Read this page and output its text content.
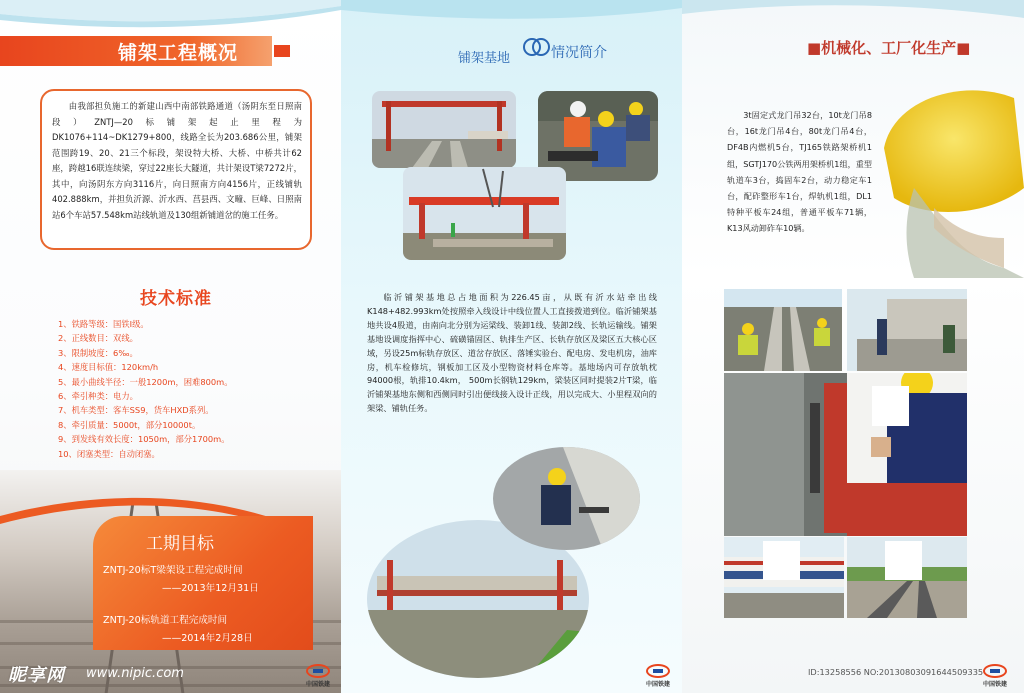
铺架工程概况

由我部担负施工的新建山西中南部铁路通道（汤阴东至日照南段）ZNTJ—20标铺架起止里程为DK1076+114~DK1279+800，线路全长为203.686公里，铺架范围跨19、20、21三个标段，架设特大桥、大桥、中桥共计62座，跨越16联连续梁，穿过22座长大隧道，共计架设T梁7272片，其中，向汤阴东方向3116片，向日照南方向4156片，正线铺轨402.888km，并担负沂源、沂水西、莒县西、文疃、巨峰、日照南站6个车站57.548km站线轨道及130组新铺道岔的施工任务。

技术标准
1、铁路等级：国铁Ⅰ级。
2、正线数目：双线。
3、限制坡度：6‰。
4、速度目标值：120km/h
5、最小曲线半径：一般1200m，困难800m。
6、牵引种类：电力。
7、机车类型：客车SS9，货车HXD系列。
8、牵引质量：5000t，部分10000t。
9、到发线有效长度：1050m，部分1700m。
10、闭塞类型：自动闭塞。
工期目标
ZNTJ-20标T梁架设工程完成时间
——2013年12月31日
ZNTJ-20标轨道工程完成时间
——2014年2月28日
昵享网 www.nipic.com
中国铁建
铺架基地	情况简介

临沂铺架基地总占地面积为226.45亩，从既有沂水站牵出线K148+482.993km处按照牵入线设计中线位置人工直接拨道到位。临沂铺架基地共设4股道，由南向北分别为运梁线、装卸1线、装卸2线、长轨运输线。铺架基地设调度指挥中心、硫磺锚固区、轨排生产区、长轨存放区及梁区五大核心区域，另设25m标轨存放区、道岔存放区、落锤实验台、配电房、发电机房，油库房，机车检修坑，钢板加工区及小型物资材料仓库等。基地场内可存放轨枕94000根，轨排10.4km， 500m长钢轨129km，梁装区同时提装2片T梁，临沂铺架基地东侧和西侧同时引出便线接入设计正线，用以完成大、小里程双向的架梁、铺轨任务。

中国铁建
■机械化、工厂化生产■

3t固定式龙门吊32台，10t龙门吊8台，16t龙门吊4台，80t龙门吊4台，DF4B内燃机5台，TJ165铁路架桥机1组，SGTJ170公铁两用架桥机1组，重型轨道车3台，捣固车2台，动力稳定车1台，配砟整形车1台，焊轨机1组，DL1特种平板车24组，普通平板车71辆，K13风动卸砟车10辆。

中国铁建
ID:13258556 NO:20130803091644509335
